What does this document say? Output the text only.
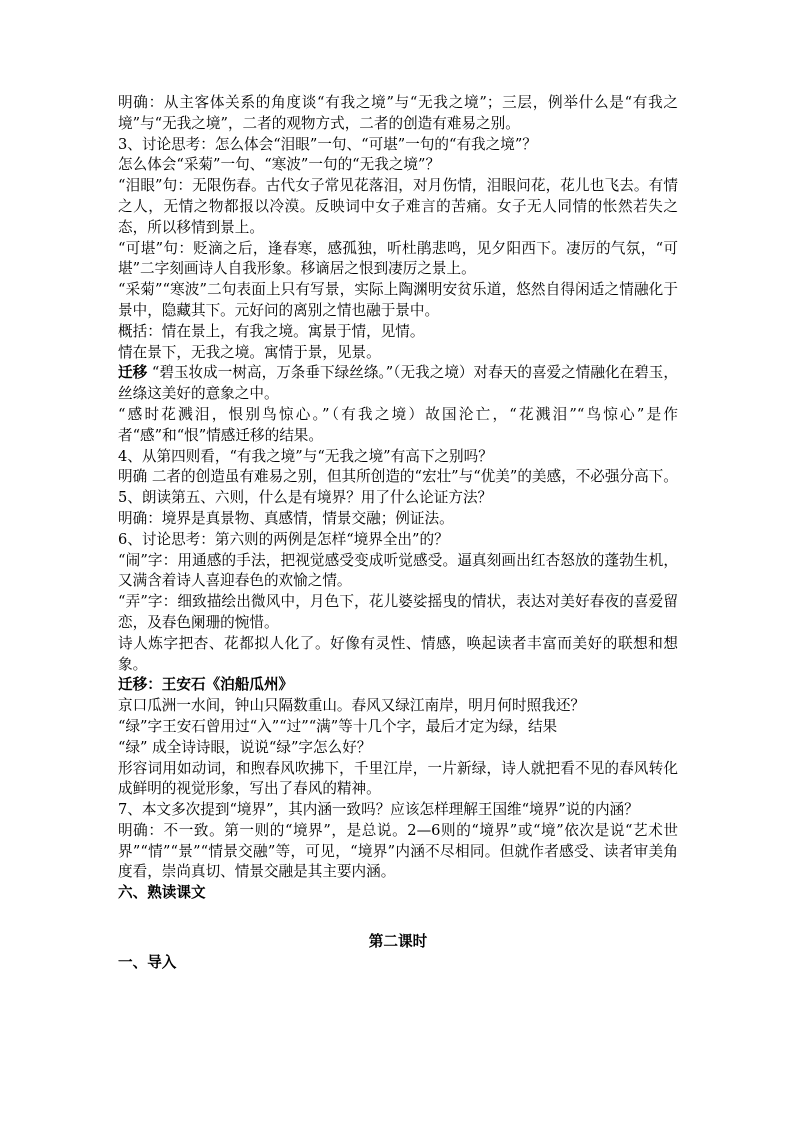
明确：从主客体关系的角度谈“有我之境”与“无我之境”；三层，例举什么是“有我之境”与“无我之境”，二者的观物方式，二者的创造有难易之别。

3、讨论思考：怎么体会“泪眼”一句、“可堪”一句的“有我之境”？

怎么体会“采菊”一句、“寒波”一句的“无我之境”？

“泪眼”句：无限伤春。古代女子常见花落泪，对月伤情，泪眼问花，花儿也飞去。有情之人，无情之物都报以冷漠。反映词中女子难言的苦痛。女子无人同情的怅然若失之态，所以移情到景上。

“可堪”句：贬滴之后，逢春寒，感孤独，听杜鹃悲鸣，见夕阳西下。凄厉的气氛，“可堪”二字刻画诗人自我形象。移谪居之恨到凄厉之景上。

“采菊”“寒波”二句表面上只有写景，实际上陶渊明安贫乐道，悠然自得闲适之情融化于景中，隐藏其下。元好问的离别之情也融于景中。

概括：情在景上，有我之境。寓景于情，见情。

情在景下，无我之境。寓情于景，见景。

迁移 “碧玉妆成一树高，万条垂下绿丝绦。”（无我之境）对春天的喜爱之情融化在碧玉，丝绦这美好的意象之中。

“感时花溅泪，恨别鸟惊心。”（有我之境）故国沦亡，“花溅泪”“鸟惊心”是作者“感”和“恨”情感迁移的结果。

4、从第四则看，“有我之境”与“无我之境”有高下之别吗？

明确 二者的创造虽有难易之别，但其所创造的“宏壮”与“优美”的美感，不必强分高下。

5、朗读第五、六则，什么是有境界？用了什么论证方法？

明确：境界是真景物、真感情，情景交融；例证法。

6、讨论思考：第六则的两例是怎样“境界全出”的？

“闹”字：用通感的手法，把视觉感受变成听觉感受。逼真刻画出红杏怒放的蓬勃生机，又满含着诗人喜迎春色的欢愉之情。

“弄”字：细致描绘出微风中，月色下，花儿婆娑摇曳的情状，表达对美好春夜的喜爱留恋，及春色阑珊的惋惜。

诗人炼字把杏、花都拟人化了。好像有灵性、情感，唤起读者丰富而美好的联想和想象。

迁移：王安石《泊船瓜州》

京口瓜洲一水间，钟山只隔数重山。春风又绿江南岸，明月何时照我还？

“绿”字王安石曾用过“入”“过”“满”等十几个字，最后才定为绿，结果

“绿” 成全诗诗眼，说说“绿”字怎么好？

形容词用如动词，和煦春风吹拂下，千里江岸，一片新绿，诗人就把看不见的春风转化成鲜明的视觉形象，写出了春风的精神。

7、本文多次提到“境界”，其内涵一致吗？应该怎样理解王国维“境界”说的内涵？

明确：不一致。第一则的“境界”，是总说。2—6则的“境界”或“境”依次是说“艺术世界”“情”“景”“情景交融”等，可见，“境界”内涵不尽相同。但就作者感受、读者审美角度看，崇尚真切、情景交融是其主要内涵。

六、熟读课文

第二课时

一、导入
